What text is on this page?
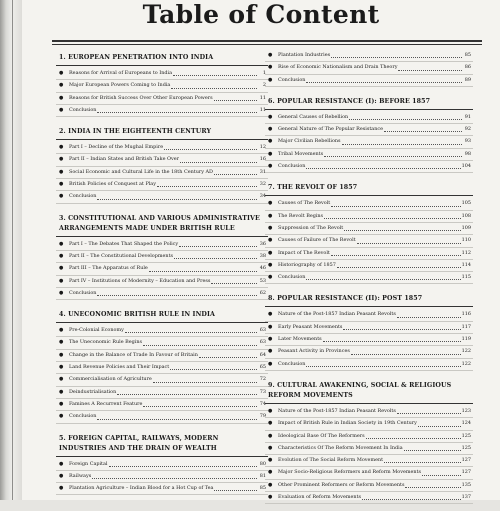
Table of Content
1. EUROPEAN PENETRATION INTO INDIA
●	Reasons for Arrival of Europeans to India	1
●	Major European Powers Coming to India	2
●	Reasons for British Success Over Other European Powers	11
●	Conclusion	11
2. INDIA IN THE EIGHTEENTH CENTURY
●	Part I – Decline of the Mughal Empire	12
●	Part II – Indian States and British Take Over	16
●	Social Economic and Cultural Life in the 18th Century AD	31
●	British Policies of Conquest at Play	32
●	Conclusion	34
3. CONSTITUTIONAL AND VARIOUS ADMINISTRATIVE ARRANGEMENTS MADE UNDER BRITISH RULE
●	Part I – The Debates That Shaped the Policy	36
●	Part II – The Constitutional Developments	38
●	Part III – The Apparatus of Rule	46
●	Part IV – Institutions of Modernity – Education and Press	53
●	Conclusion	62
4. UNECONOMIC BRITISH RULE IN INDIA
●	Pre-Colonial Economy	63
●	The Uneconomic Rule Begins	63
●	Change in the Balance of Trade In Favour of Britain	64
●	Land Revenue Policies and Their Impact	65
●	Commercialisation of Agriculture	72
●	Deindustrialisation	73
●	Famines A Recurrent Feature	74
●	Conclusion	79
5. FOREIGN CAPITAL, RAILWAYS, MODERN INDUSTRIES AND THE DRAIN OF WEALTH
●	Foreign Capital	80
●	Railways	81
●	Plantation Agriculture – Indian Blood for a Hot Cup of Tea	85
●	Plantation Industries	85
●	Rise of Economic Nationalism and Drain Theory	86
●	Conclusion	89
6. POPULAR RESISTANCE (I): BEFORE 1857
●	General Causes of Rebellion	91
●	General Nature of The Popular Resistance	92
●	Major Civilian Rebellions	93
●	Tribal Movements	98
●	Conclusion	104
7. THE REVOLT OF 1857
●	Causes of The Revolt	105
●	The Revolt Begins	108
●	Suppression of The Revolt	109
●	Causes of Failure of The Revolt	110
●	Impact of The Revolt	112
●	Historiography of 1857	114
●	Conclusion	115
8. POPULAR RESISTANCE (II): POST 1857
●	Nature of the Post-1857 Indian Peasant Revolts	116
●	Early Peasant Movements	117
●	Later Movements	119
●	Peasant Activity in Provinces	122
●	Conclusion	122
9. CULTURAL AWAKENING, SOCIAL & RELIGIOUS REFORM MOVEMENTS
●	Nature of the Post-1857 Indian Peasant Revolts	123
●	Impact of British Rule in Indian Society in 19th Century	124
●	Ideological Base Of The Reformers	125
●	Characteristics Of The Reform Movement In India	125
●	Evolution of The Social Reform Movement	127
●	Major Socio-Religious Reformers and Reform Movements	127
●	Other Prominent Reformers or Reform Movements	135
●	Evaluation of Reform Movements	137
